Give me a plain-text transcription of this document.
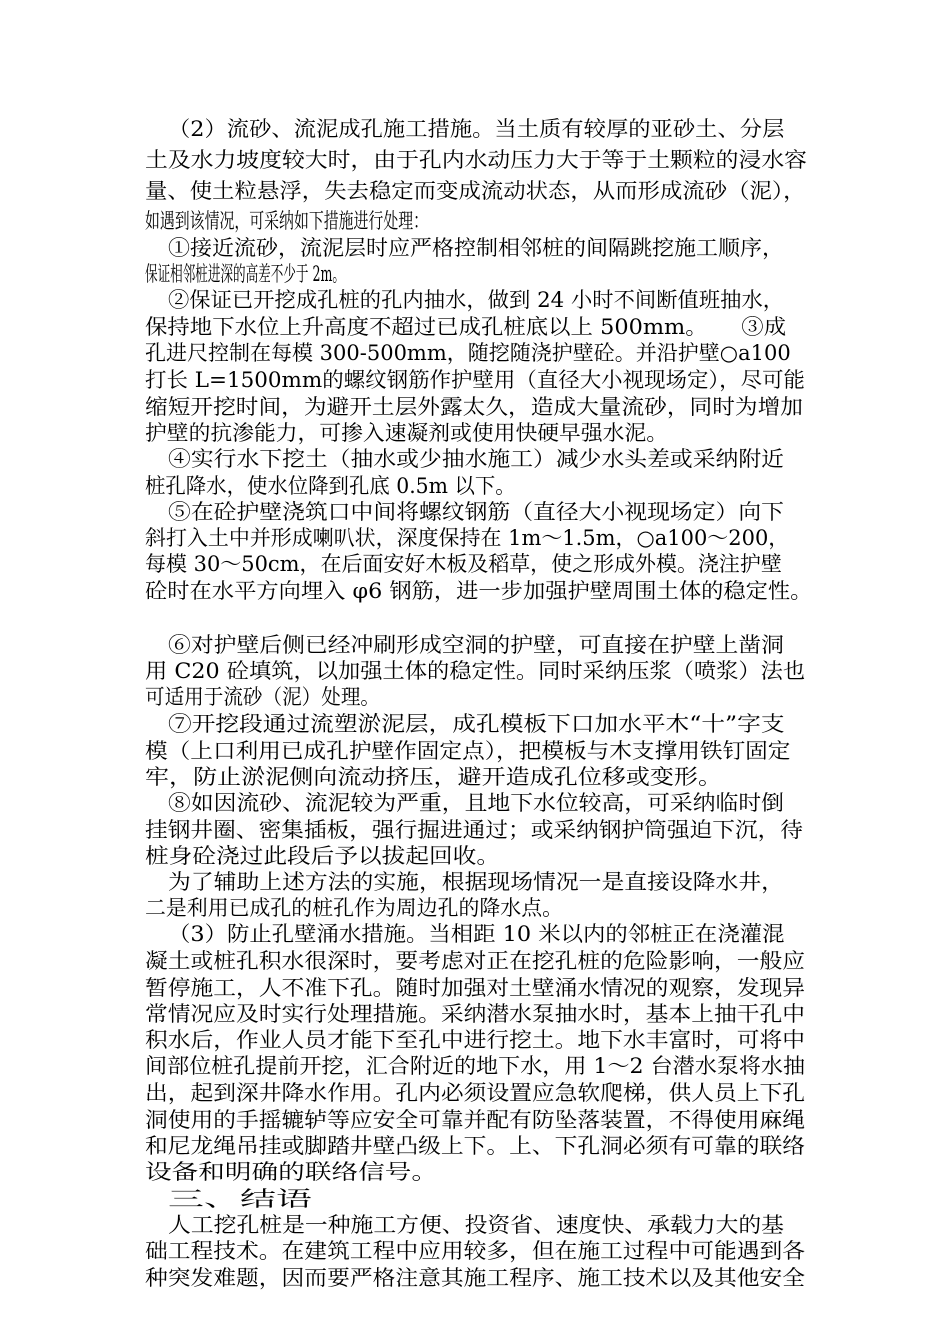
（2）流砂、流泥成孔施工措施。当土质有较厚的亚砂土、分层
土及水力坡度较大时，由于孔内水动压力大于等于土颗粒的浸水容
量、使土粒悬浮，失去稳定而变成流动状态，从而形成流砂（泥），
如遇到该情况，可采纳如下措施进行处理：
①接近流砂，流泥层时应严格控制相邻桩的间隔跳挖施工顺序，
保证相邻桩进深的高差不少于 2m。
②保证已开挖成孔桩的孔内抽水，做到 24 小时不间断值班抽水，
保持地下水位上升高度不超过已成孔桩底以上 500mm。　　③成
孔进尺控制在每模 300-500mm，随挖随浇护壁砼。并沿护壁○a100
打长 L=1500mm的螺纹钢筋作护壁用（直径大小视现场定），尽可能
缩短开挖时间，为避开土层外露太久，造成大量流砂，同时为增加
护壁的抗渗能力，可掺入速凝剂或使用快硬早强水泥。
④实行水下挖土（抽水或少抽水施工）减少水头差或采纳附近
桩孔降水，使水位降到孔底 0.5m 以下。
⑤在砼护壁浇筑口中间将螺纹钢筋（直径大小视现场定）向下
斜打入土中并形成喇叭状，深度保持在 1m～1.5m，○a100～200，
每模 30～50cm，在后面安好木板及稻草，使之形成外模。浇注护壁
砼时在水平方向埋入 φ6 钢筋，进一步加强护壁周围土体的稳定性。
⑥对护壁后侧已经冲刷形成空洞的护壁，可直接在护壁上凿洞
用 C20 砼填筑，以加强土体的稳定性。同时采纳压浆（喷浆）法也
可适用于流砂（泥）处理。
⑦开挖段通过流塑淤泥层，成孔模板下口加水平木“十”字支
模（上口利用已成孔护壁作固定点），把模板与木支撑用铁钉固定
牢，防止淤泥侧向流动挤压，避开造成孔位移或变形。
⑧如因流砂、流泥较为严重，且地下水位较高，可采纳临时倒
挂钢井圈、密集插板，强行掘进通过；或采纳钢护筒强迫下沉，待
桩身砼浇过此段后予以拔起回收。
为了辅助上述方法的实施，根据现场情况一是直接设降水井，
二是利用已成孔的桩孔作为周边孔的降水点。
（3）防止孔壁涌水措施。当相距 10 米以内的邻桩正在浇灌混
凝土或桩孔积水很深时，要考虑对正在挖孔桩的危险影响，一般应
暂停施工，人不准下孔。随时加强对土壁涌水情况的观察，发现异
常情况应及时实行处理措施。采纳潜水泵抽水时，基本上抽干孔中
积水后，作业人员才能下至孔中进行挖土。地下水丰富时，可将中
间部位桩孔提前开挖，汇合附近的地下水，用 1～2 台潜水泵将水抽
出，起到深井降水作用。孔内必须设置应急软爬梯，供人员上下孔
洞使用的手摇辘轳等应安全可靠并配有防坠落装置，不得使用麻绳
和尼龙绳吊挂或脚踏井壁凸级上下。上、下孔洞必须有可靠的联络
设备和明确的联络信号。
三、结语
人工挖孔桩是一种施工方便、投资省、速度快、承载力大的基
础工程技术。在建筑工程中应用较多，但在施工过程中可能遇到各
种突发难题，因而要严格注意其施工程序、施工技术以及其他安全
